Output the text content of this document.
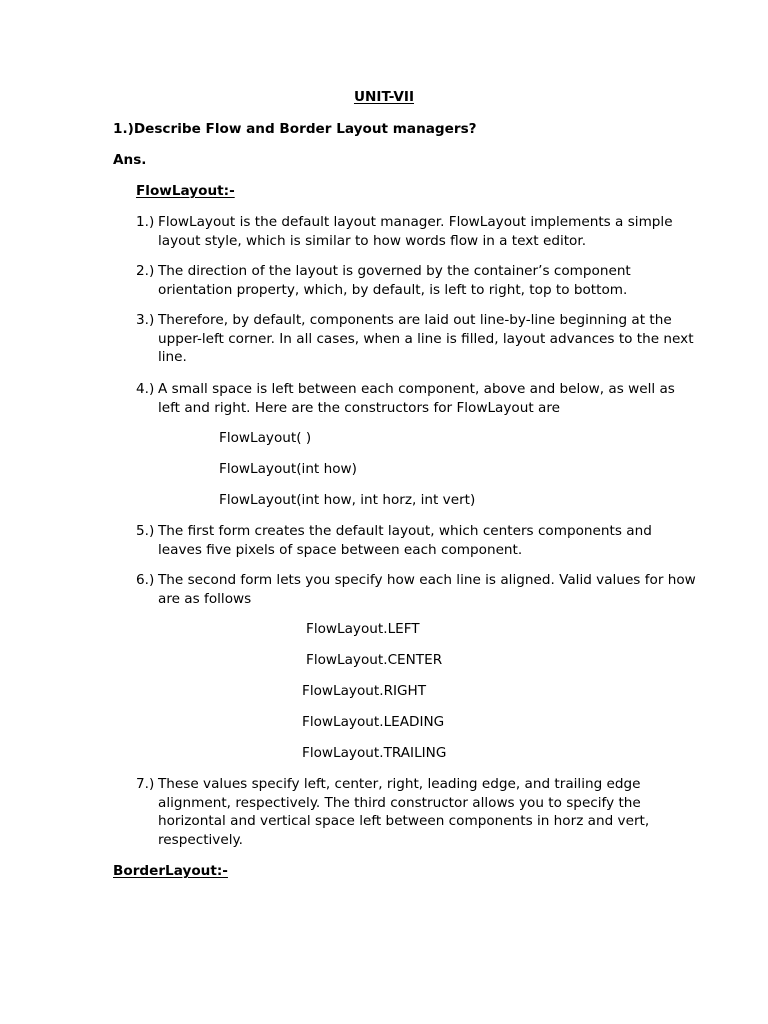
UNIT-VII
1.)Describe Flow and Border Layout managers?
Ans.
FlowLayout:-
1.) FlowLayout is the default layout manager. FlowLayout implements a simple layout style, which is similar to how words flow in a text editor.
2.) The direction of the layout is governed by the container’s component orientation property, which, by default, is left to right, top to bottom.
3.) Therefore, by default, components are laid out line-by-line beginning at the upper-left corner. In all cases, when a line is filled, layout advances to the next line.
4.) A small space is left between each component, above and below, as well as left and right. Here are the constructors for FlowLayout are
FlowLayout( )
FlowLayout(int how)
FlowLayout(int how, int horz, int vert)
5.) The first form creates the default layout, which centers components and leaves five pixels of space between each component.
6.) The second form lets you specify how each line is aligned. Valid values for how are as follows
FlowLayout.LEFT
FlowLayout.CENTER
FlowLayout.RIGHT
FlowLayout.LEADING
FlowLayout.TRAILING
7.) These values specify left, center, right, leading edge, and trailing edge alignment, respectively. The third constructor allows you to specify the horizontal and vertical space left between components in horz and vert, respectively.
BorderLayout:-
